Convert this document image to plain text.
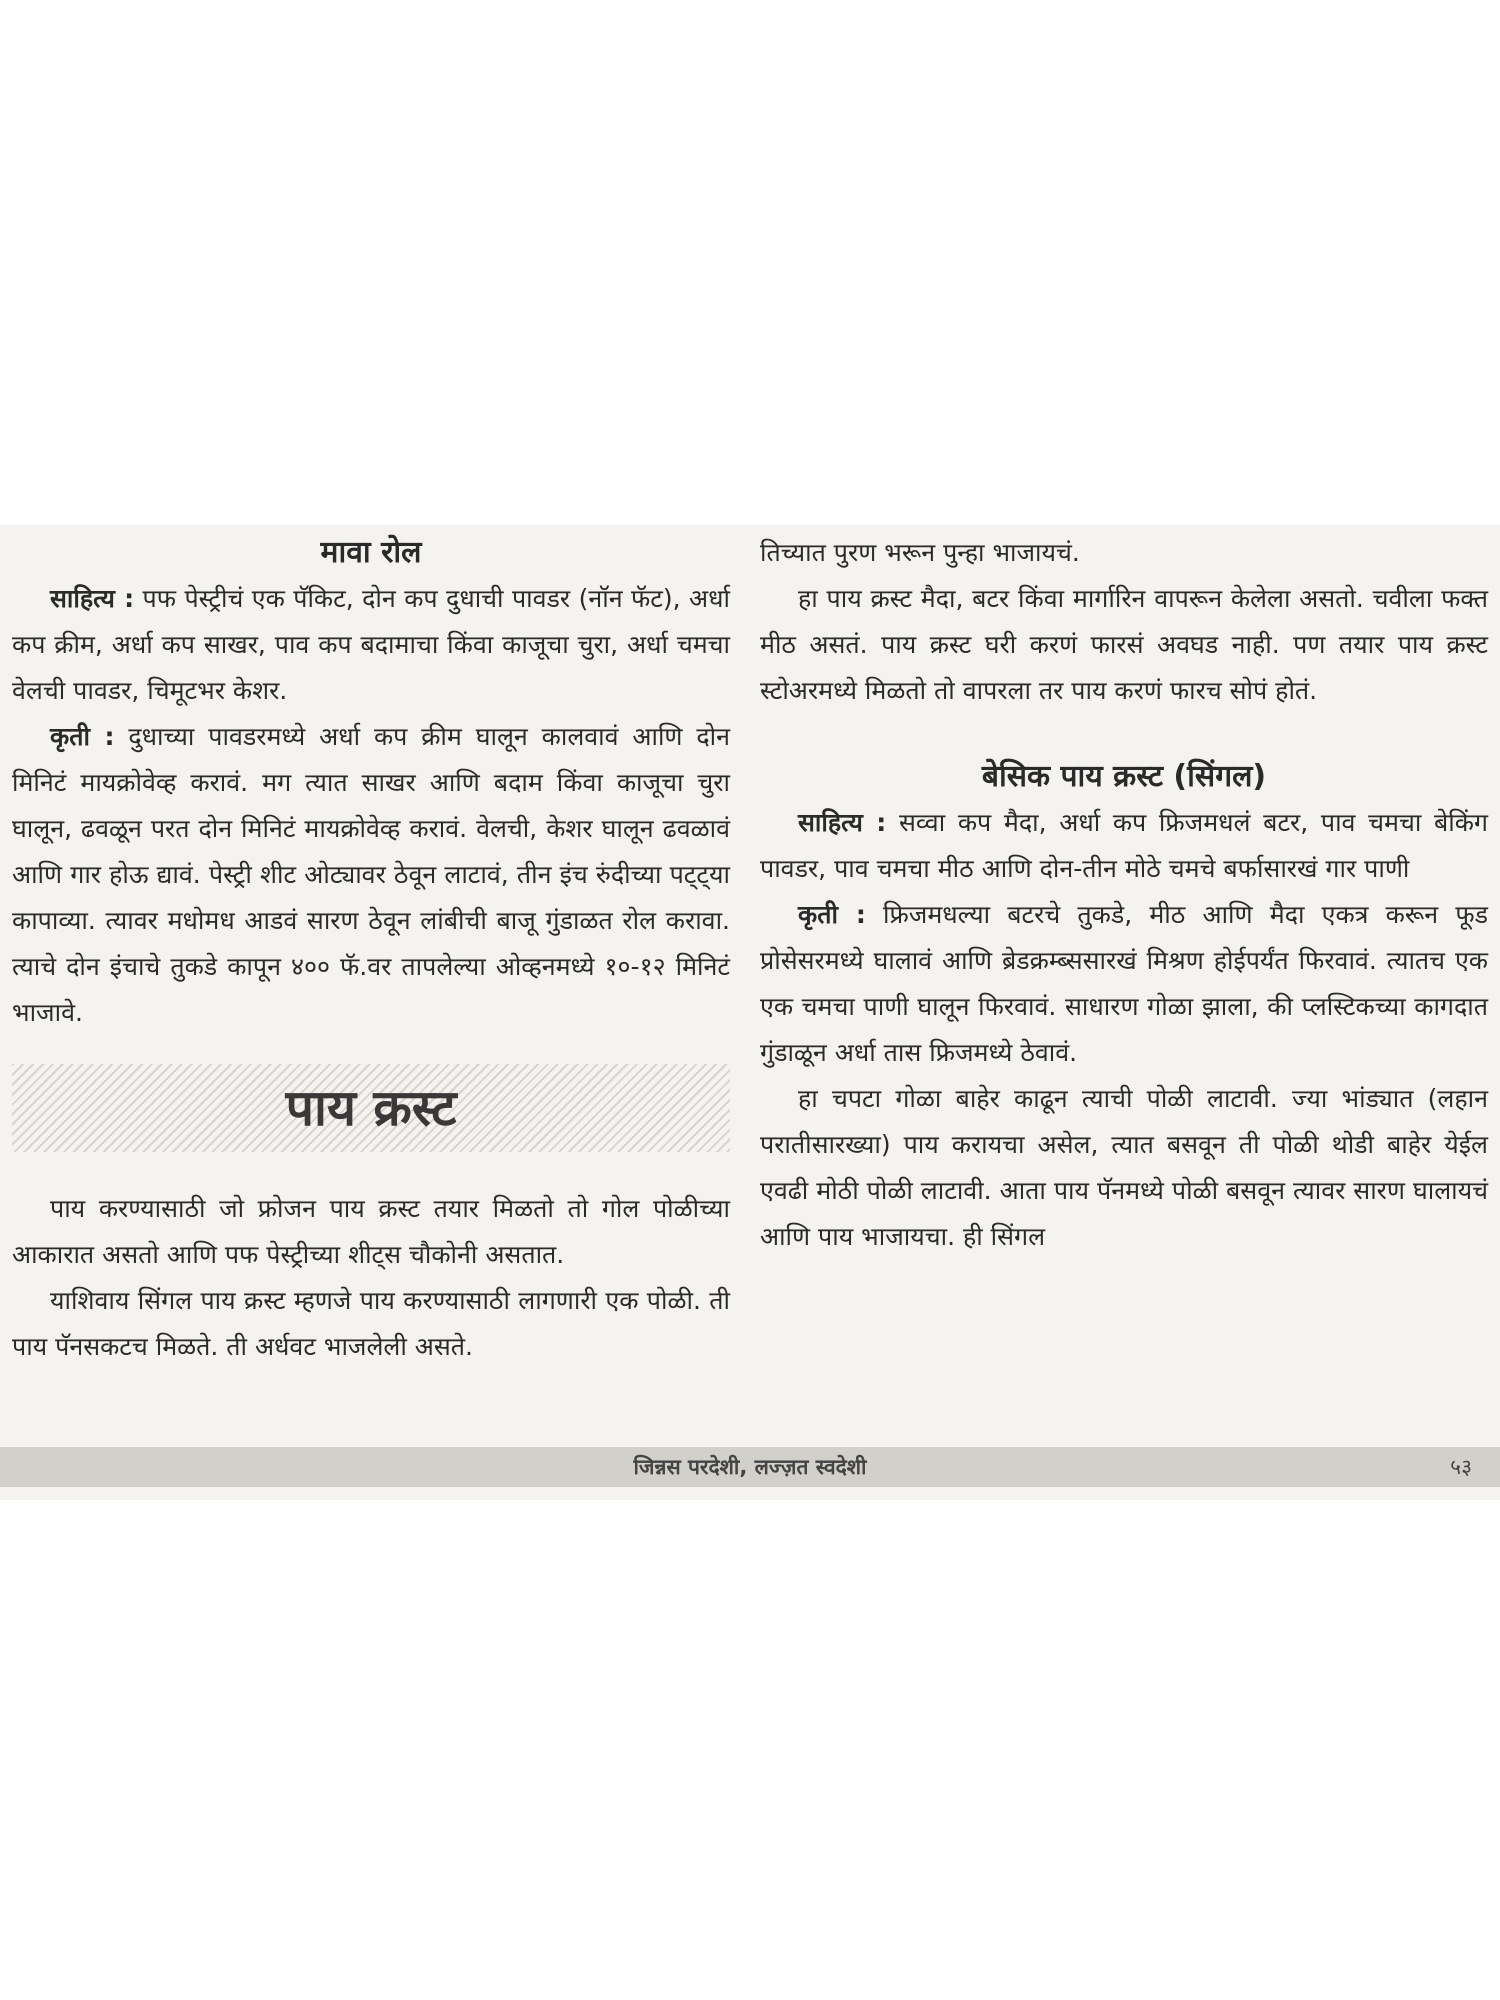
मावा रोल

साहित्य : पफ पेस्ट्रीचं एक पॅकिट, दोन कप दुधाची पावडर (नॉन फॅट), अर्धा कप क्रीम, अर्धा कप साखर, पाव कप बदामाचा किंवा काजूचा चुरा, अर्धा चमचा वेलची पावडर, चिमूटभर केशर.

कृती : दुधाच्या पावडरमध्ये अर्धा कप क्रीम घालून कालवावं आणि दोन मिनिटं मायक्रोवेव्ह करावं. मग त्यात साखर आणि बदाम किंवा काजूचा चुरा घालून, ढवळून परत दोन मिनिटं मायक्रोवेव्ह करावं. वेलची, केशर घालून ढवळावं आणि गार होऊ द्यावं. पेस्ट्री शीट ओट्यावर ठेवून लाटावं, तीन इंच रुंदीच्या पट्ट्या कापाव्या. त्यावर मधोमध आडवं सारण ठेवून लांबीची बाजू गुंडाळत रोल करावा. त्याचे दोन इंचाचे तुकडे कापून ४०० फॅ.वर तापलेल्या ओव्हनमध्ये १०-१२ मिनिटं भाजावे.

पाय क्रस्ट

पाय करण्यासाठी जो फ्रोजन पाय क्रस्ट तयार मिळतो तो गोल पोळीच्या आकारात असतो आणि पफ पेस्ट्रीच्या शीट्स चौकोनी असतात.

याशिवाय सिंगल पाय क्रस्ट म्हणजे पाय करण्यासाठी लागणारी एक पोळी. ती पाय पॅनसकटच मिळते. ती अर्धवट भाजलेली असते.

तिच्यात पुरण भरून पुन्हा भाजायचं.

हा पाय क्रस्ट मैदा, बटर किंवा मार्गारिन वापरून केलेला असतो. चवीला फक्त मीठ असतं. पाय क्रस्ट घरी करणं फारसं अवघड नाही. पण तयार पाय क्रस्ट स्टोअरमध्ये मिळतो तो वापरला तर पाय करणं फारच सोपं होतं.

बेसिक पाय क्रस्ट (सिंगल)

साहित्य : सव्वा कप मैदा, अर्धा कप फ्रिजमधलं बटर, पाव चमचा बेकिंग पावडर, पाव चमचा मीठ आणि दोन-तीन मोठे चमचे बर्फासारखं गार पाणी

कृती : फ्रिजमधल्या बटरचे तुकडे, मीठ आणि मैदा एकत्र करून फूड प्रोसेसरमध्ये घालावं आणि ब्रेडक्रम्ब्ससारखं मिश्रण होईपर्यंत फिरवावं. त्यातच एक एक चमचा पाणी घालून फिरवावं. साधारण गोळा झाला, की प्लस्टिकच्या कागदात गुंडाळून अर्धा तास फ्रिजमध्ये ठेवावं.

हा चपटा गोळा बाहेर काढून त्याची पोळी लाटावी. ज्या भांड्यात (लहान परातीसारख्या) पाय करायचा असेल, त्यात बसवून ती पोळी थोडी बाहेर येईल एवढी मोठी पोळी लाटावी. आता पाय पॅनमध्ये पोळी बसवून त्यावर सारण घालायचं आणि पाय भाजायचा. ही सिंगल

जिन्नस परदेशी, लज्ज़त स्वदेशी	५३
